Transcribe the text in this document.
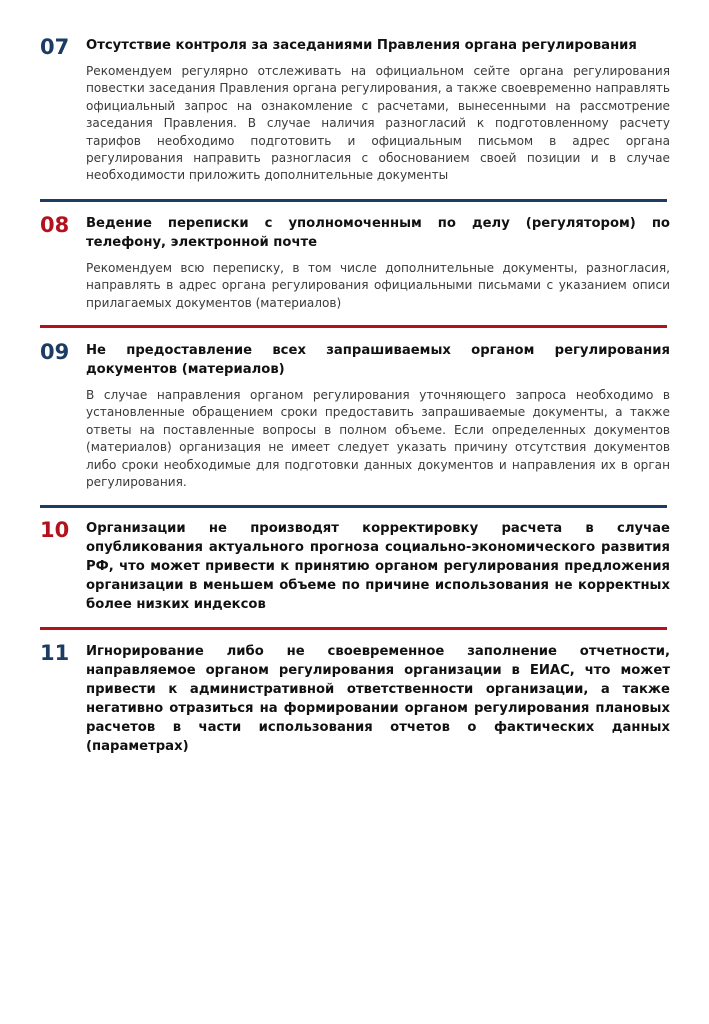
07 Отсутствие контроля за заседаниями Правления органа регулирования
Рекомендуем регулярно отслеживать на официальном сейте органа регулирования повестки заседания Правления органа регулирования, а также своевременно направлять официальный запрос на ознакомление с расчетами, вынесенными на рассмотрение заседания Правления. В случае наличия разногласий к подготовленному расчету тарифов необходимо подготовить и официальным письмом в адрес органа регулирования направить разногласия с обоснованием своей позиции и в случае необходимости приложить дополнительные документы
08 Ведение переписки с уполномоченным по делу (регулятором) по телефону, электронной почте
Рекомендуем всю переписку, в том числе дополнительные документы, разногласия, направлять в адрес органа регулирования официальными письмами с указанием описи прилагаемых документов (материалов)
09 Не предоставление всех запрашиваемых органом регулирования документов (материалов)
В случае направления органом регулирования уточняющего запроса необходимо в установленные обращением сроки предоставить запрашиваемые документы, а также ответы на поставленные вопросы в полном объеме. Если определенных документов (материалов) организация не имеет следует указать причину отсутствия документов либо сроки необходимые для подготовки данных документов и направления их в орган регулирования.
10 Организации не производят корректировку расчета в случае опубликования актуального прогноза социально-экономического развития РФ, что может привести к принятию органом регулирования предложения организации в меньшем объеме по причине использования не корректных более низких индексов
11 Игнорирование либо не своевременное заполнение отчетности, направляемое органом регулирования организации в ЕИАС, что может привести к административной ответственности организации, а также негативно отразиться на формировании органом регулирования плановых расчетов в части использования отчетов о фактических данных (параметрах)
